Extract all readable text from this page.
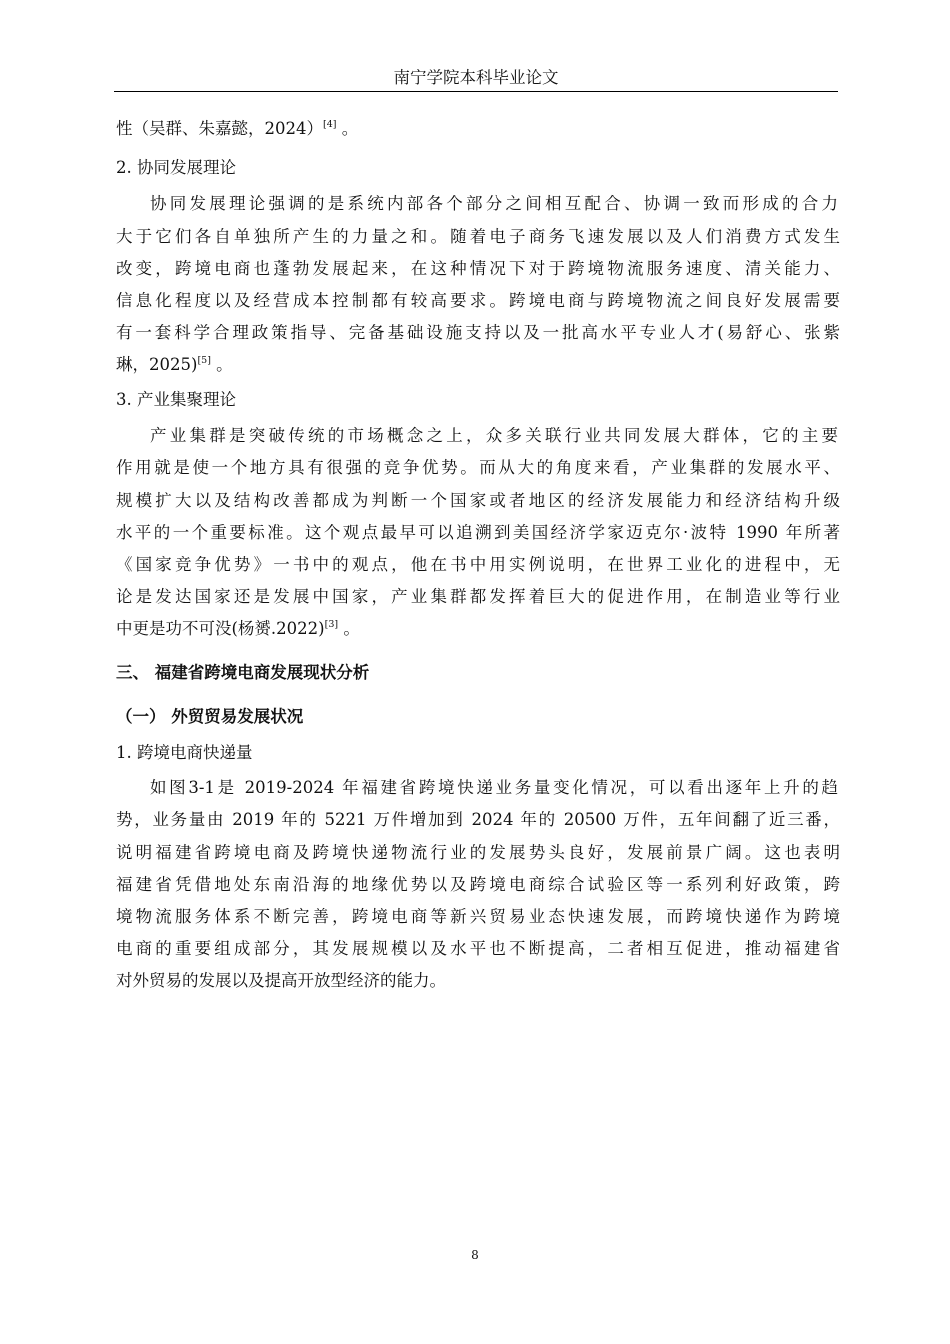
南宁学院本科毕业论文
性（吴群、朱嘉懿，2024）[4] 。
2. 协同发展理论
协同发展理论强调的是系统内部各个部分之间相互配合、协调一致而形成的合力
大于它们各自单独所产生的力量之和。随着电子商务飞速发展以及人们消费方式发生
改变，跨境电商也蓬勃发展起来，在这种情况下对于跨境物流服务速度、清关能力、
信息化程度以及经营成本控制都有较高要求。跨境电商与跨境物流之间良好发展需要
有一套科学合理政策指导、完备基础设施支持以及一批高水平专业人才(易舒心、张紫
琳，2025)[5] 。
3. 产业集聚理论
产业集群是突破传统的市场概念之上，众多关联行业共同发展大群体，它的主要
作用就是使一个地方具有很强的竞争优势。而从大的角度来看，产业集群的发展水平、
规模扩大以及结构改善都成为判断一个国家或者地区的经济发展能力和经济结构升级
水平的一个重要标准。这个观点最早可以追溯到美国经济学家迈克尔·波特 1990 年所著
《国家竞争优势》一书中的观点，他在书中用实例说明，在世界工业化的进程中，无
论是发达国家还是发展中国家，产业集群都发挥着巨大的促进作用，在制造业等行业
中更是功不可没(杨赟.2022)[3] 。
三、 福建省跨境电商发展现状分析
（一） 外贸贸易发展状况
1. 跨境电商快递量
如图3-1是 2019-2024 年福建省跨境快递业务量变化情况，可以看出逐年上升的趋
势，业务量由 2019 年的 5221 万件增加到 2024 年的 20500 万件，五年间翻了近三番，
说明福建省跨境电商及跨境快递物流行业的发展势头良好，发展前景广阔。这也表明
福建省凭借地处东南沿海的地缘优势以及跨境电商综合试验区等一系列利好政策，跨
境物流服务体系不断完善，跨境电商等新兴贸易业态快速发展，而跨境快递作为跨境
电商的重要组成部分，其发展规模以及水平也不断提高，二者相互促进，推动福建省
对外贸易的发展以及提高开放型经济的能力。
8
